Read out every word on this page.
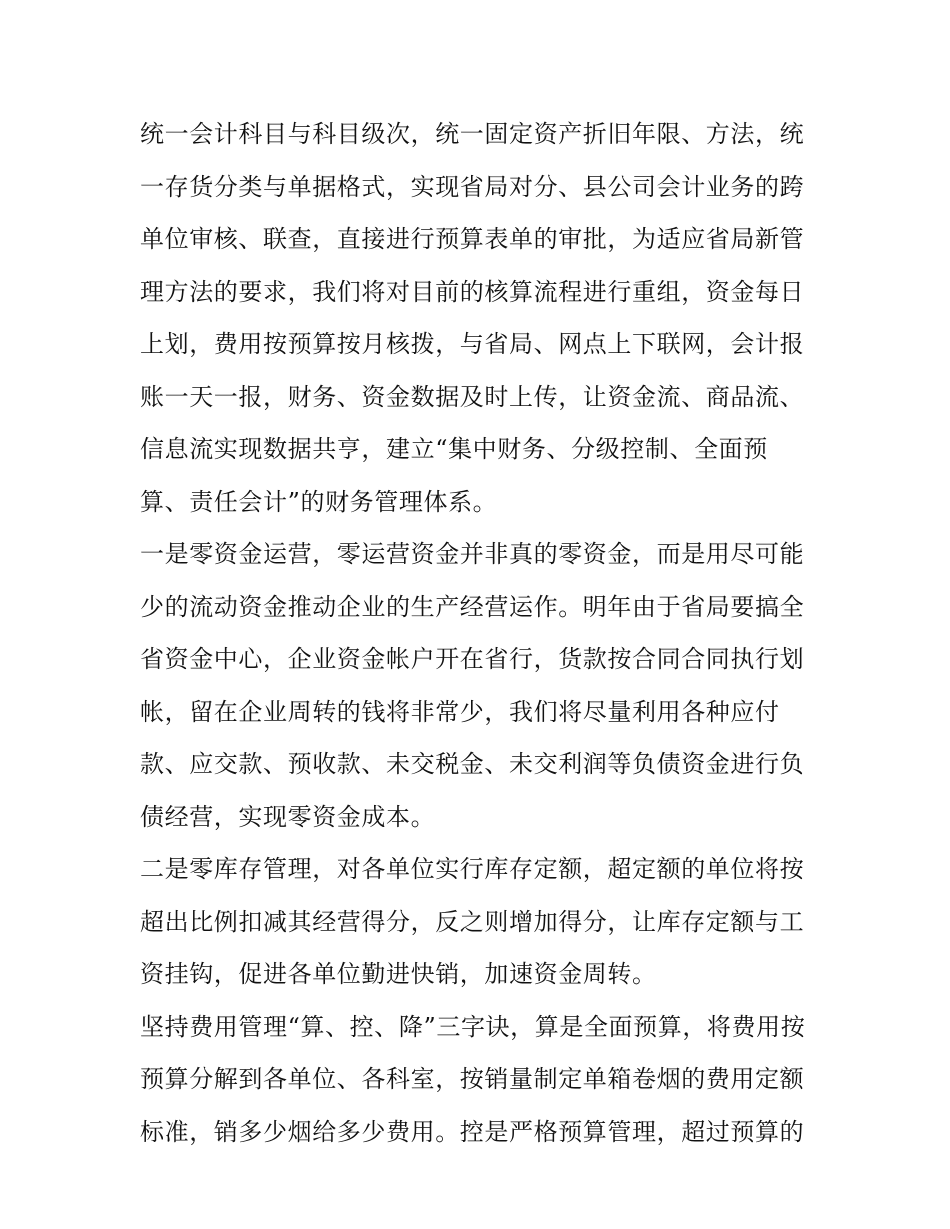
统一会计科目与科目级次，统一固定资产折旧年限、方法，统
一存货分类与单据格式，实现省局对分、县公司会计业务的跨
单位审核、联查，直接进行预算表单的审批，为适应省局新管
理方法的要求，我们将对目前的核算流程进行重组，资金每日
上划，费用按预算按月核拨，与省局、网点上下联网，会计报
账一天一报，财务、资金数据及时上传，让资金流、商品流、
信息流实现数据共亨，建立“集中财务、分级控制、全面预
算、责任会计”的财务管理体系。
一是零资金运营，零运营资金并非真的零资金，而是用尽可能
少的流动资金推动企业的生产经营运作。明年由于省局要搞全
省资金中心，企业资金帐户开在省行，货款按合同合同执行划
帐，留在企业周转的钱将非常少，我们将尽量利用各种应付
款、应交款、预收款、未交税金、未交利润等负债资金进行负
债经营，实现零资金成本。
二是零库存管理，对各单位实行库存定额，超定额的单位将按
超出比例扣减其经营得分，反之则增加得分，让库存定额与工
资挂钩，促进各单位勤进快销，加速资金周转。
坚持费用管理“算、控、降”三字诀，算是全面预算，将费用按
预算分解到各单位、各科室，按销量制定单箱卷烟的费用定额
标准，销多少烟给多少费用。控是严格预算管理，超过预算的
